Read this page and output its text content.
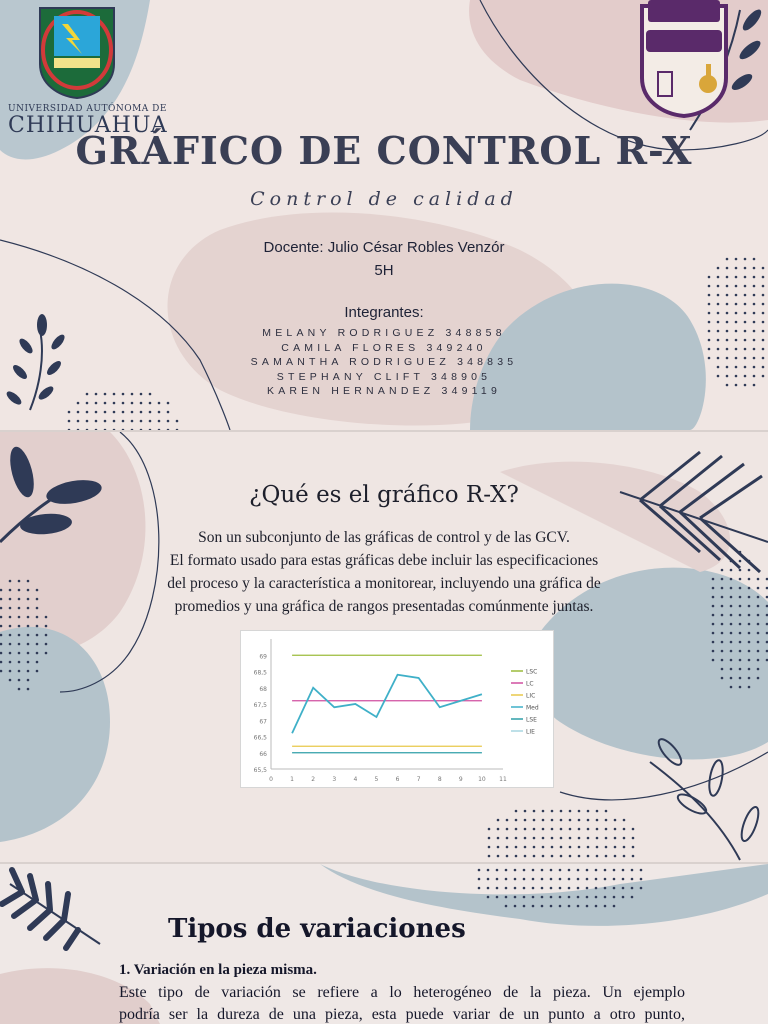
UNIVERSIDAD AUTÓNOMA DE
CHIHUAHUA
GRÁFICO DE CONTROL R-X
Control de calidad
Docente: Julio César Robles Venzór
5H
Integrantes:
MELANY RODRIGUEZ 348858
CAMILA FLORES 349240
SAMANTHA RODRIGUEZ 348835
STEPHANY CLIFT 348905
KAREN HERNANDEZ 349119
¿Qué es el gráfico R-X?
Son un subconjunto de las gráficas de control y de las GCV.
El formato usado para estas gráficas debe incluir las especificaciones
del proceso y la característica a monitorear, incluyendo una gráfica de
promedios y una gráfica de rangos presentadas comúnmente juntas.
65,5
66
66,5
67
67,5
68
68,5
69
0	1	2	3	4	5	6	7	8	9	10 11
LSC
LC
LIC
Med
LSE
LIE
Tipos de variaciones
1. Variación en la pieza misma.
Este tipo de variación se refiere a lo heterogéneo de la pieza. Un ejemplo
podría ser la dureza de una pieza, esta puede variar de un punto a otro punto,
